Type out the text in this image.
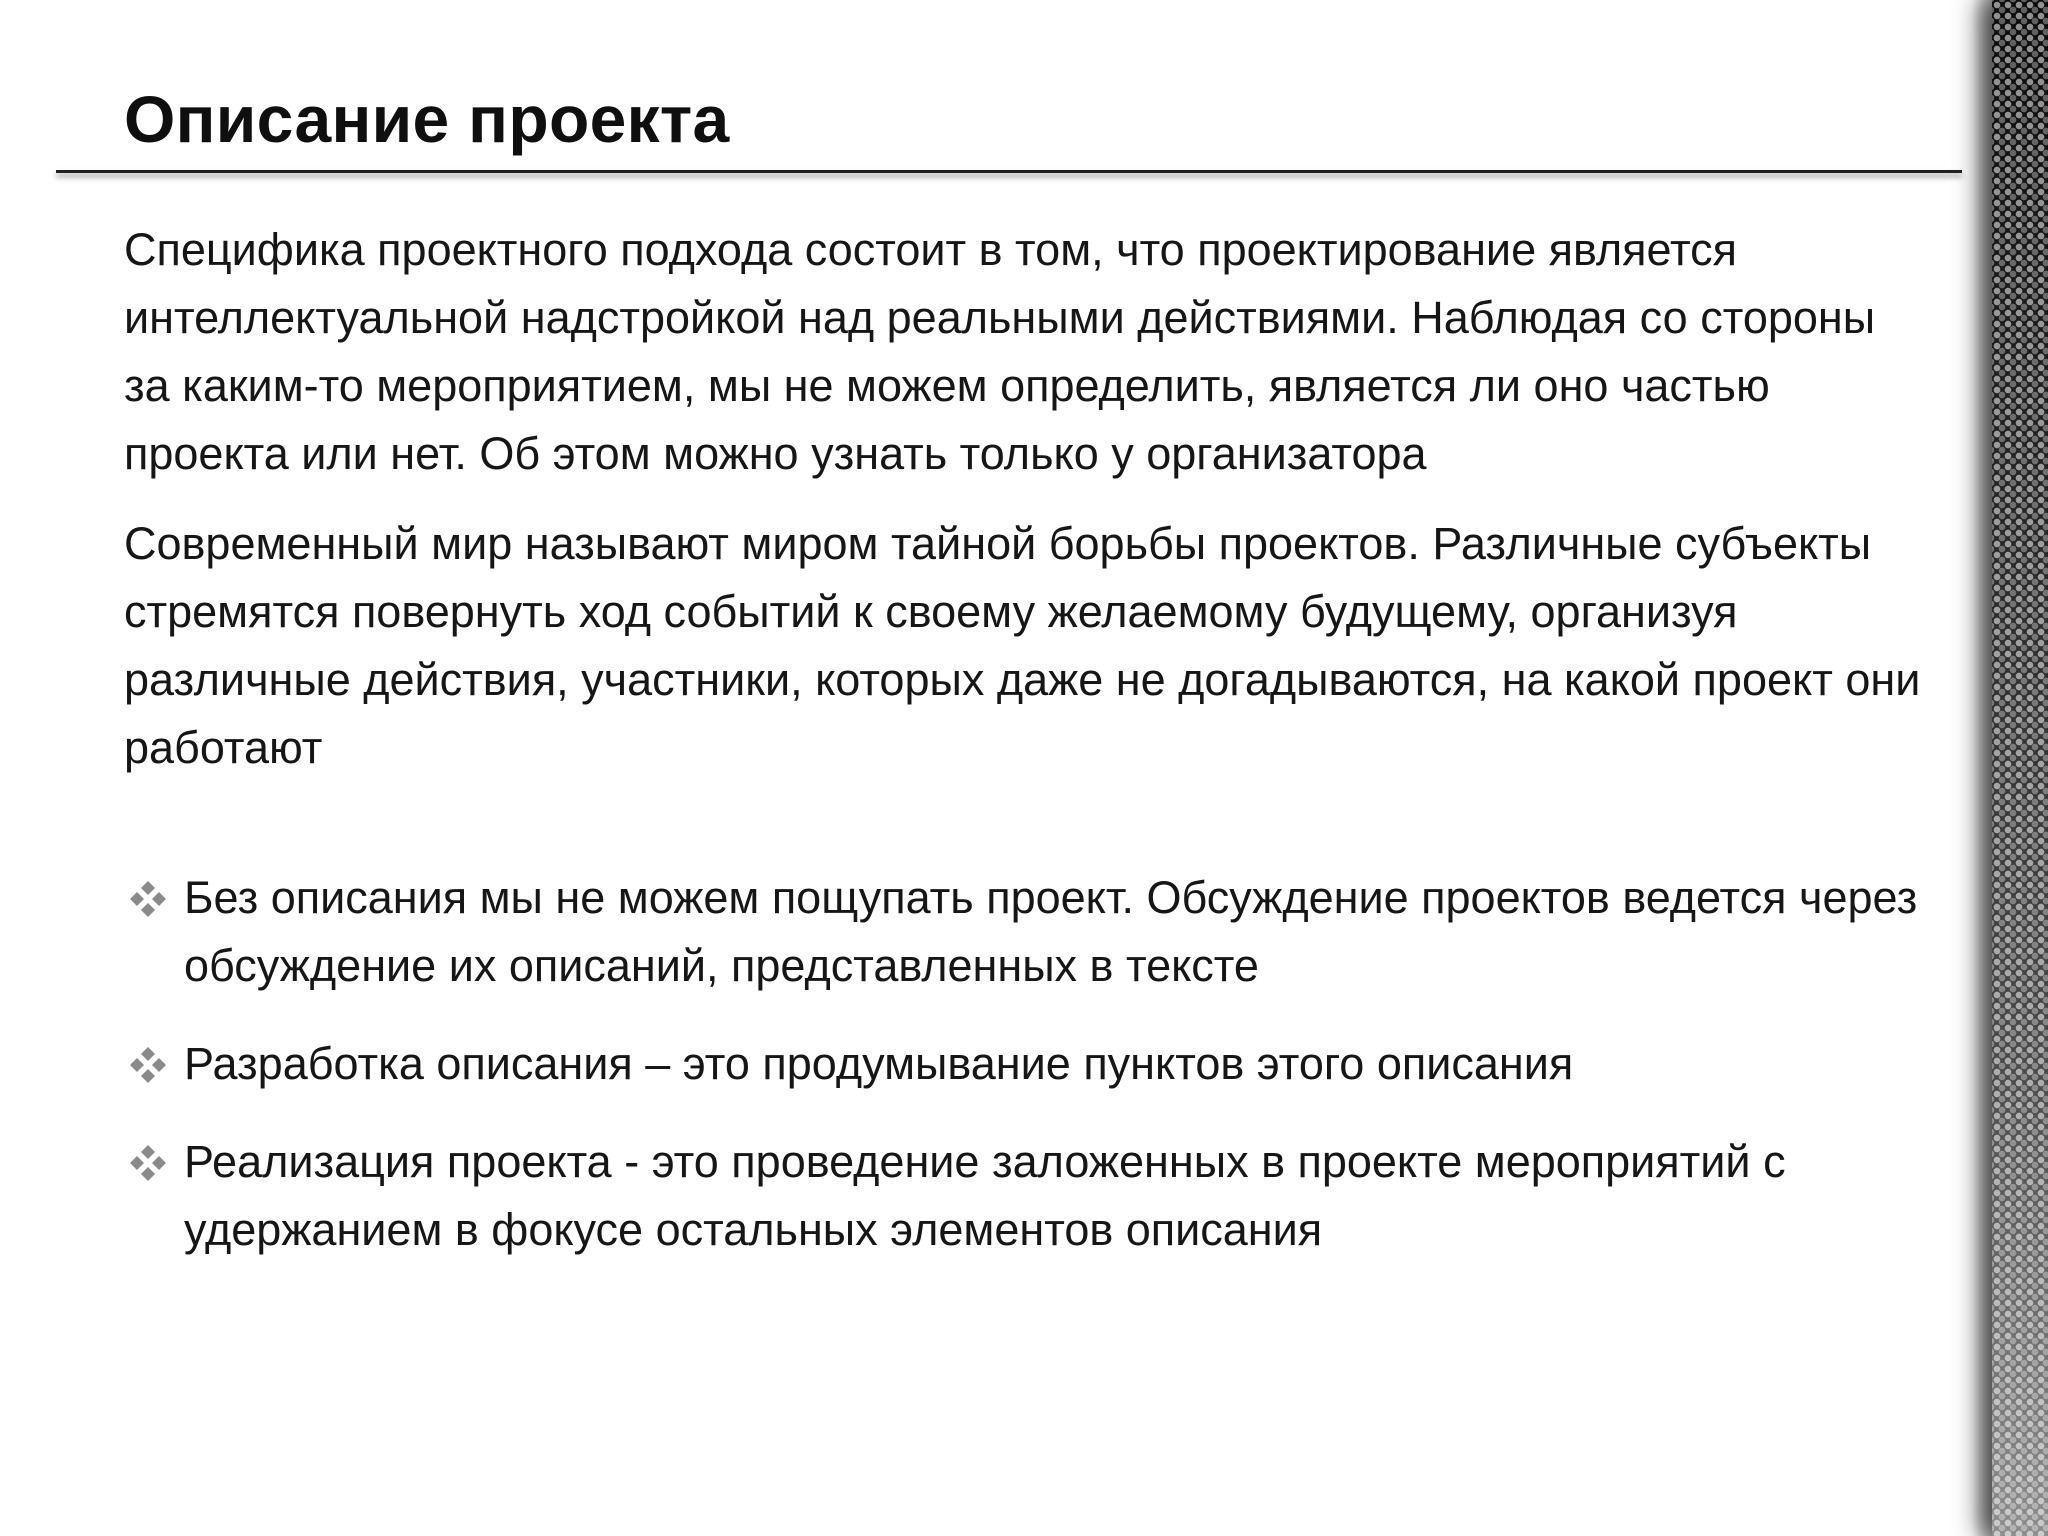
Описание проекта

Специфика проектного подхода состоит в том, что проектирование является интеллектуальной надстройкой над реальными действиями. Наблюдая со стороны за каким-то мероприятием, мы не можем определить, является ли оно частью проекта или нет. Об этом можно узнать только у организатора

Современный мир называют миром тайной борьбы проектов. Различные субъекты стремятся повернуть ход событий к своему желаемому будущему, организуя различные действия, участники, которых даже не догадываются, на какой проект они работают

Без описания мы не можем пощупать проект. Обсуждение проектов ведется через обсуждение их описаний, представленных в тексте
Разработка описания – это продумывание пунктов этого описания
Реализация проекта - это проведение заложенных в проекте мероприятий с удержанием в фокусе остальных элементов описания
